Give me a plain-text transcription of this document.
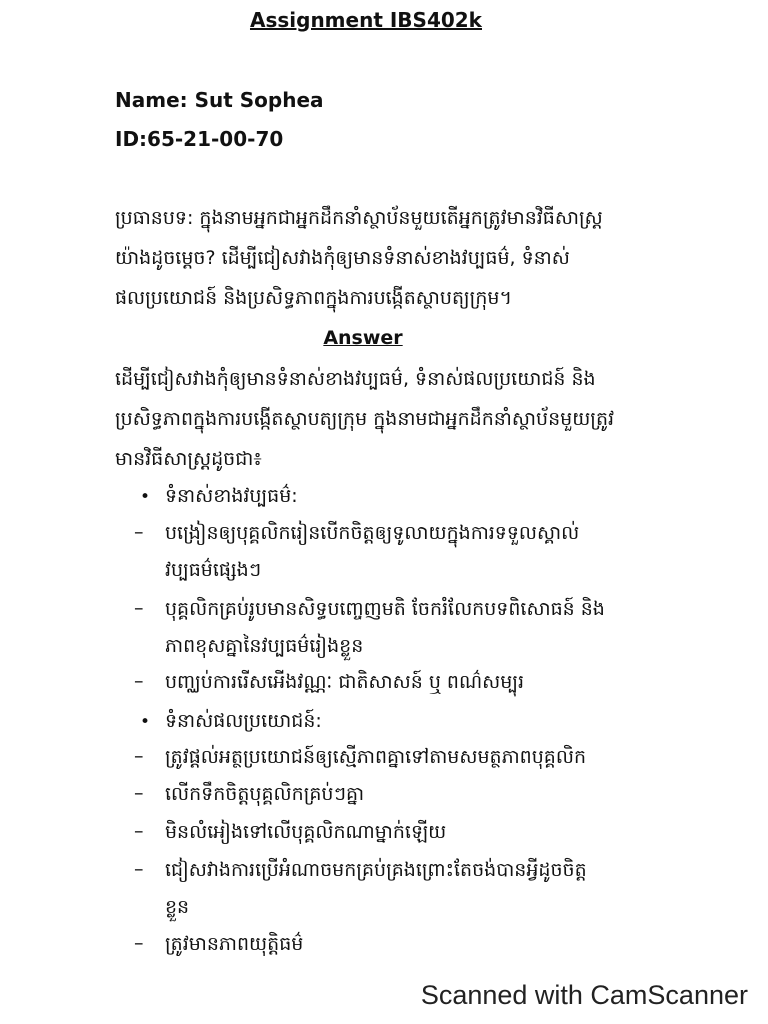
Assignment IBS402k
Name: Sut Sophea
ID:65-21-00-70
ប្រធានបទ: ក្នុងនាមអ្នកជាអ្នកដឹកនាំស្ថាប័នមួយតើអ្នកត្រូវមានវិធីសាស្រ្ត
យ៉ាងដូចម្តេច? ដើម្បីជៀសវាងកុំឲ្យមានទំនាស់ខាងវប្បធម៌, ទំនាស់
ផលប្រយោជន៍ និងប្រសិទ្ធភាពក្នុងការបង្កើតស្ថាបត្យក្រុម។
Answer
ដើម្បីជៀសវាងកុំឲ្យមានទំនាស់ខាងវប្បធម៌, ទំនាស់ផលប្រយោជន៍ និង
ប្រសិទ្ធភាពក្នុងការបង្កើតស្ថាបត្យក្រុម ក្នុងនាមជាអ្នកដឹកនាំស្ថាប័នមួយត្រូវ
មានវិធីសាស្រ្តដូចជា៖
• ទំនាស់ខាងវប្បធម៌:
– បង្រៀនឲ្យបុគ្គលិករៀនបើកចិត្តឲ្យទូលាយក្នុងការទទួលស្គាល់
វប្បធម៌ផ្សេងៗ
– បុគ្គលិកគ្រប់រូបមានសិទ្ធបញ្ចេញមតិ ចែករំលែកបទពិសោធន៍ និង
ភាពខុសគ្នានៃវប្បធម៌រៀងខ្លួន
– បញ្ឈប់ការរើសអើងវណ្ណៈ ជាតិសាសន៍ ឬ ពណ៌សម្បុរ
• ទំនាស់ផលប្រយោជន៍:
– ត្រូវផ្តល់អត្ថប្រយោជន៍ឲ្យស្មើភាពគ្នាទៅតាមសមត្ថភាពបុគ្គលិក
– លើកទឹកចិត្តបុគ្គលិកគ្រប់ៗគ្នា
– មិនលំអៀងទៅលើបុគ្គលិកណាម្នាក់ឡើយ
– ជៀសវាងការប្រើអំណាចមកគ្រប់គ្រងព្រោះតែចង់បានអ្វីដូចចិត្ត
ខ្លួន
– ត្រូវមានភាពយុត្តិធម៌
Scanned with CamScanner
